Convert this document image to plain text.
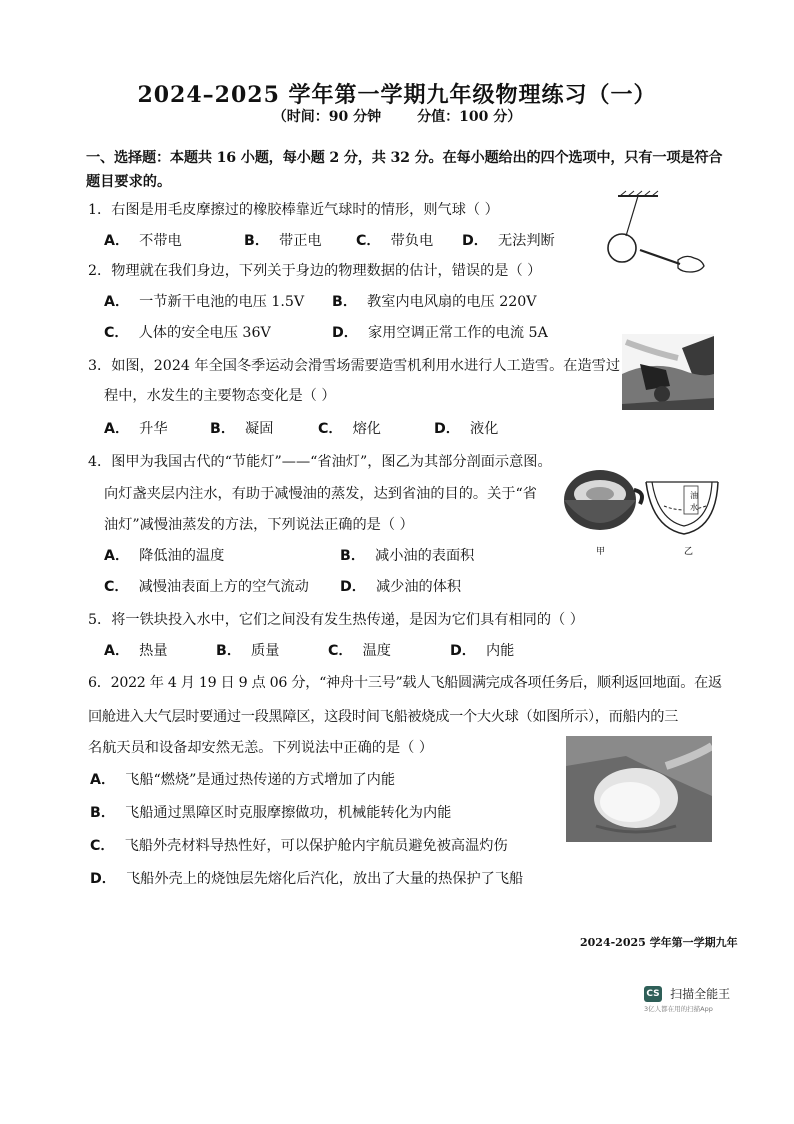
2024–2025 学年第一学期九年级物理练习（一）
（时间：90 分钟	分值：100 分）
一、选择题：本题共 16 小题，每小题 2 分，共 32 分。在每小题给出的四个选项中，只有一项是符合
题目要求的。
1．右图是用毛皮摩擦过的橡胶棒靠近气球时的情形，则气球（ ）
A． 不带电	B． 带正电 C． 带负电 D． 无法判断
2．物理就在我们身边，下列关于身边的物理数据的估计，错误的是（ ）
A． 一节新干电池的电压 1.5V B． 教室内电风扇的电压 220V
C． 人体的安全电压 36V	D． 家用空调正常工作的电流 5A
3．如图，2024 年全国冬季运动会滑雪场需要造雪机利用水进行人工造雪。在造雪过
程中，水发生的主要物态变化是（ ）
A． 升华	B． 凝固	C． 熔化	D． 液化
4．图甲为我国古代的“节能灯”——“省油灯”，图乙为其部分剖面示意图。
向灯盏夹层内注水，有助于减慢油的蒸发，达到省油的目的。关于“省
油灯”减慢油蒸发的方法，下列说法正确的是（ ）
A． 降低油的温度	B． 减小油的表面积
C． 减慢油表面上方的空气流动 D． 减少油的体积
油
水
甲	乙
5．将一铁块投入水中，它们之间没有发生热传递，是因为它们具有相同的（ ）
A． 热量	B． 质量	C． 温度	D． 内能
6．2022 年 4 月 19 日 9 点 06 分，“神舟十三号”载人飞船圆满完成各项任务后，顺利返回地面。在返
回舱进入大气层时要通过一段黑障区，这段时间飞船被烧成一个大火球（如图所示），而船内的三
名航天员和设备却安然无恙。下列说法中正确的是（ ）
A． 飞船“燃烧”是通过热传递的方式增加了内能
B． 飞船通过黑障区时克服摩擦做功，机械能转化为内能
C． 飞船外壳材料导热性好，可以保护舱内宇航员避免被高温灼伤
D． 飞船外壳上的烧蚀层先熔化后汽化，放出了大量的热保护了飞船
2024-2025 学年第一学期九年
CS 扫描全能王
3亿人都在用的扫描App
